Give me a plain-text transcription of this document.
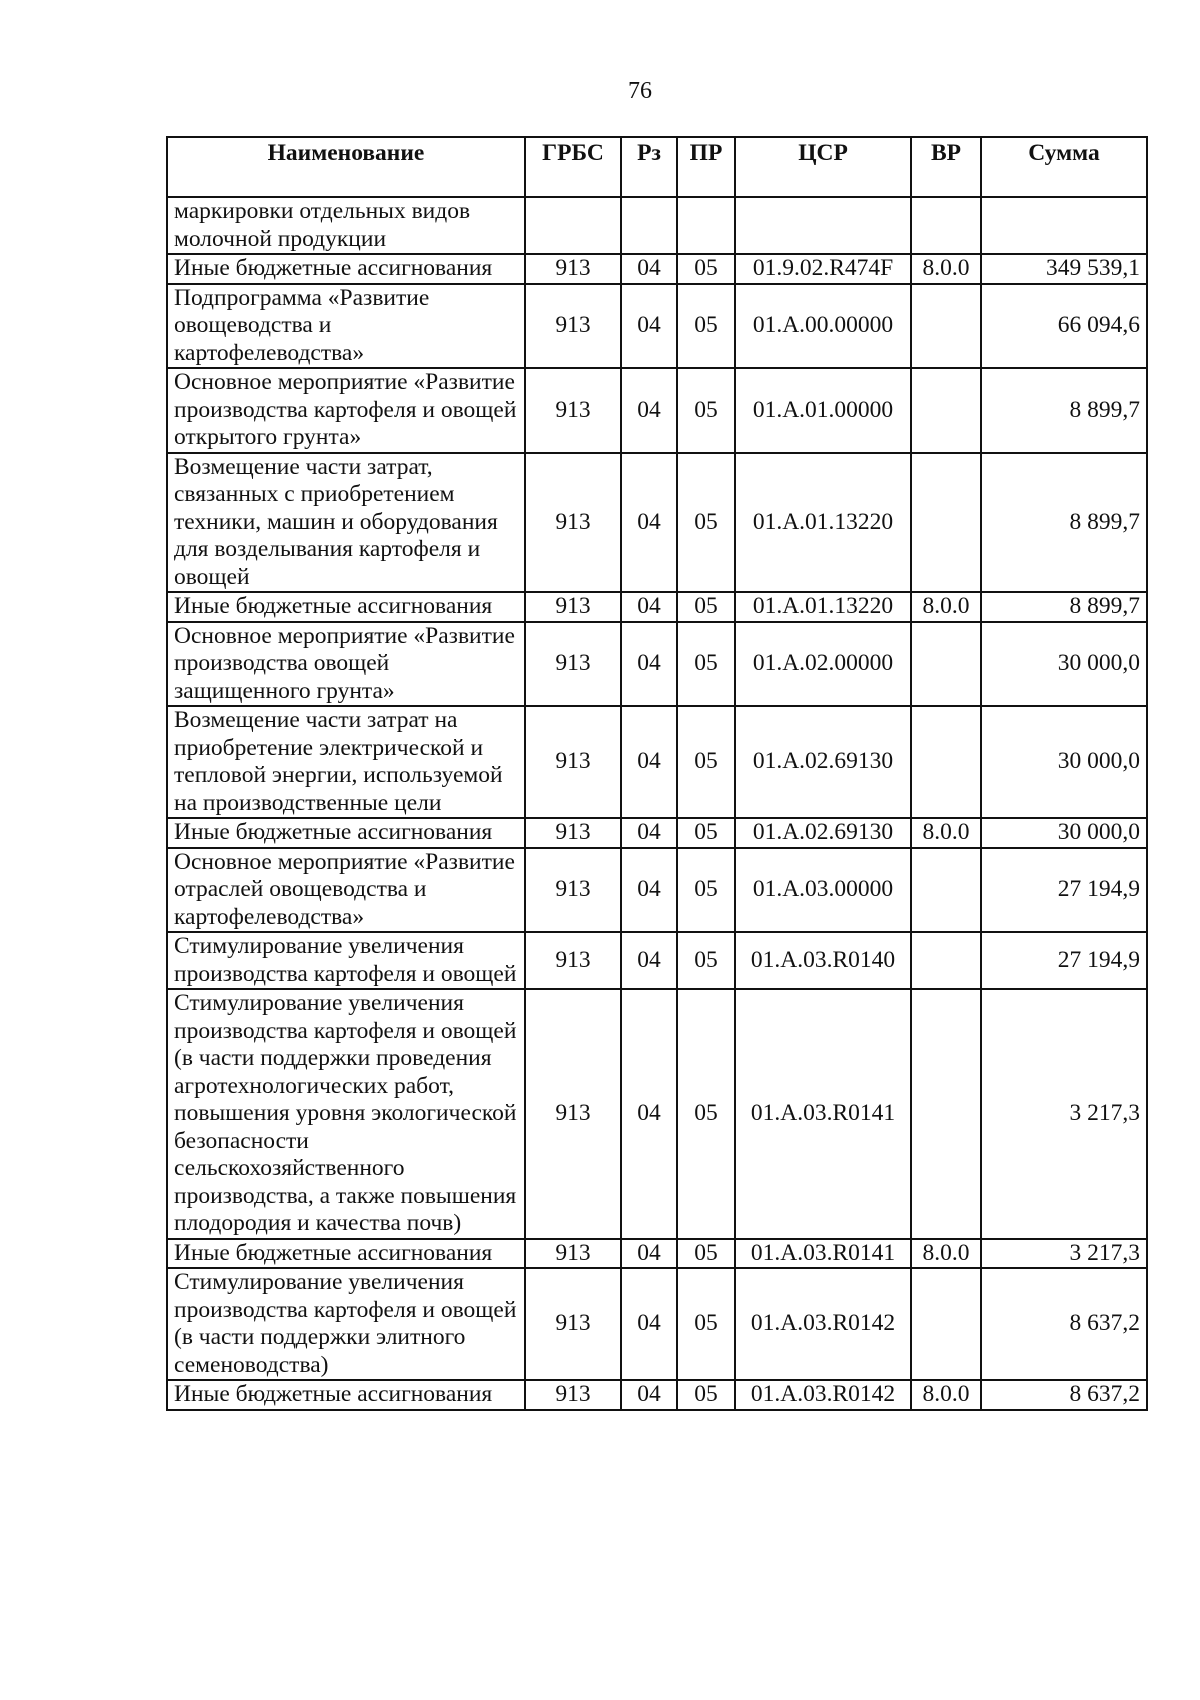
76
Наименование	ГРБС	Рз	ПР	ЦСР	ВР	Сумма
маркировки отдельных видов молочной продукции						
Иные бюджетные ассигнования	913	04	05	01.9.02.R474F	8.0.0	349 539,1
Подпрограмма «Развитие овощеводства и картофелеводства»	913	04	05	01.А.00.00000		66 094,6
Основное мероприятие «Развитие производства картофеля и овощей открытого грунта»	913	04	05	01.А.01.00000		8 899,7
Возмещение части затрат, связанных с приобретением техники, машин и оборудования для возделывания картофеля и овощей	913	04	05	01.А.01.13220		8 899,7
Иные бюджетные ассигнования	913	04	05	01.А.01.13220	8.0.0	8 899,7
Основное мероприятие «Развитие производства овощей защищенного грунта»	913	04	05	01.А.02.00000		30 000,0
Возмещение части затрат на приобретение электрической и тепловой энергии, используемой на производственные цели	913	04	05	01.А.02.69130		30 000,0
Иные бюджетные ассигнования	913	04	05	01.А.02.69130	8.0.0	30 000,0
Основное мероприятие «Развитие отраслей овощеводства и картофелеводства»	913	04	05	01.А.03.00000		27 194,9
Стимулирование увеличения производства картофеля и овощей	913	04	05	01.А.03.R0140		27 194,9
Стимулирование увеличения производства картофеля и овощей (в части поддержки проведения агротехнологических работ, повышения уровня экологической безопасности сельскохозяйственного производства, а также повышения плодородия и качества почв)	913	04	05	01.А.03.R0141		3 217,3
Иные бюджетные ассигнования	913	04	05	01.А.03.R0141	8.0.0	3 217,3
Стимулирование увеличения производства картофеля и овощей (в части поддержки элитного семеноводства)	913	04	05	01.А.03.R0142		8 637,2
Иные бюджетные ассигнования	913	04	05	01.А.03.R0142	8.0.0	8 637,2
